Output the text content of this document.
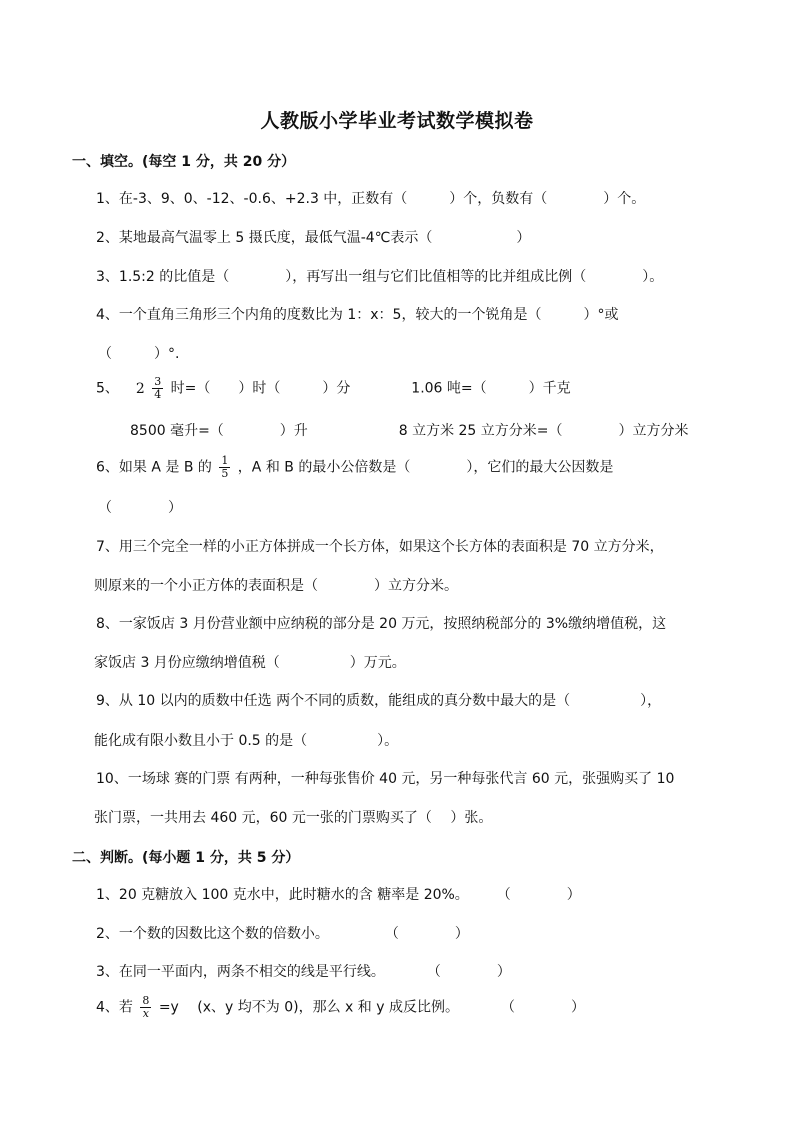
人教版小学毕业考试数学模拟卷
一、填空。(每空 1 分，共 20 分）
1、在-3、9、0、-12、-0.6、+2.3 中，正数有（　　　）个，负数有（　　　　）个。
2、某地最高气温零上 5 摄氏度，最低气温-4℃表示（　　　　　　）
3、1.5:2 的比值是（　　　　），再写出一组与它们比值相等的比并组成比例（　　　　）。
4、一个直角三角形三个内角的度数比为 1：x：5，较大的一个锐角是（　　　）°或
（　　　）°.
5、 $2 \frac{3}{4}$ 时=（　　）时（　　　）分	1.06 吨=（　　　）千克
8500 毫升=（　　　　）升	8 立方米 25 立方分米=（　　　　）立方分米
6、如果 A 是 B 的 $\frac{1}{5}$ ，A 和 B 的最小公倍数是（　　　　），它们的最大公因数是
（　　　　）
7、用三个完全一样的小正方体拼成一个长方体，如果这个长方体的表面积是 70 立方分米，
则原来的一个小正方体的表面积是（　　　　）立方分米。
8、一家饭店 3 月份营业额中应纳税的部分是 20 万元，按照纳税部分的 3%缴纳增值税，这
家饭店 3 月份应缴纳增值税（　　　　　）万元。
9、从 10 以内的质数中任选 两个不同的质数，能组成的真分数中最大的是（　　　　　），
能化成有限小数且小于 0.5 的是（　　　　　）。
10、一场球 赛的门票 有两种，一种每张售价 40 元，另一种每张代言 60 元，张强购买了 10
张门票，一共用去 460 元，60 元一张的门票购买了（　 ）张。
二、判断。(每小题 1 分，共 5 分）
1、20 克糖放入 100 克水中，此时糖水的含 糖率是 20%。　　　（　　　　）
2、一个数的因数比这个数的倍数小。　　　　　（　　　　）
3、在同一平面内，两条不相交的线是平行线。　　　　（　　　　）
4、若 $\frac{8}{x} =y$　 (x、y 均不为 0)，那么 x 和 y 成反比例。　　　　（　　　　）
